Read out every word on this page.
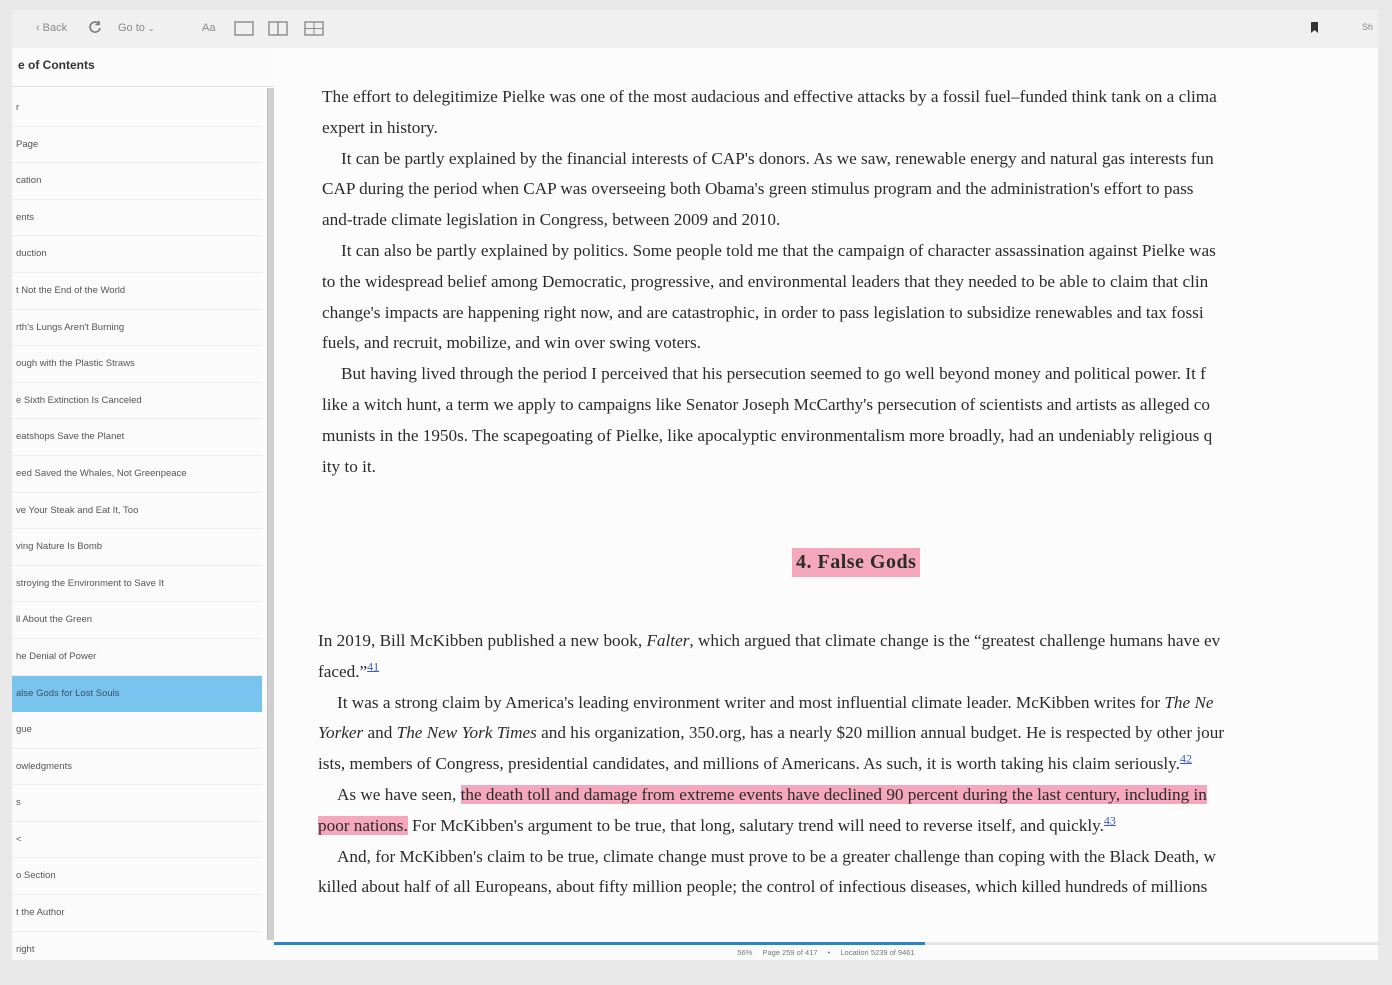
‹ Back	Go to ⌄	Aa	Sh
e of Contents
r
Page
cation
ents
duction
t Not the End of the World
rth's Lungs Aren't Burning
ough with the Plastic Straws
e Sixth Extinction Is Canceled
eatshops Save the Planet
eed Saved the Whales, Not Greenpeace
ve Your Steak and Eat It, Too
ving Nature Is Bomb
stroying the Environment to Save It
ll About the Green
he Denial of Power
alse Gods for Lost Souls
gue
owledgments
s
<
o Section
t the Author
right

The effort to delegitimize Pielke was one of the most audacious and effective attacks by a fossil fuel–funded think tank on a clima
expert in history.

It can be partly explained by the financial interests of CAP's donors. As we saw, renewable energy and natural gas interests fun
CAP during the period when CAP was overseeing both Obama's green stimulus program and the administration's effort to pass
and-trade climate legislation in Congress, between 2009 and 2010.

It can also be partly explained by politics. Some people told me that the campaign of character assassination against Pielke was
to the widespread belief among Democratic, progressive, and environmental leaders that they needed to be able to claim that clin
change's impacts are happening right now, and are catastrophic, in order to pass legislation to subsidize renewables and tax fossi
fuels, and recruit, mobilize, and win over swing voters.

But having lived through the period I perceived that his persecution seemed to go well beyond money and political power. It f
like a witch hunt, a term we apply to campaigns like Senator Joseph McCarthy's persecution of scientists and artists as alleged co
munists in the 1950s. The scapegoating of Pielke, like apocalyptic environmentalism more broadly, had an undeniably religious q
ity to it.

4. False Gods

In 2019, Bill McKibben published a new book, Falter, which argued that climate change is the “greatest challenge humans have ev
faced.”$^{41}$

It was a strong claim by America's leading environment writer and most influential climate leader. McKibben writes for The Ne
Yorker and The New York Times and his organization, 350.org, has a nearly $20 million annual budget. He is respected by other jour
ists, members of Congress, presidential candidates, and millions of Americans. As such, it is worth taking his claim seriously.$^{42}$

As we have seen, the death toll and damage from extreme events have declined 90 percent during the last century, including in
poor nations. For McKibben's argument to be true, that long, salutary trend will need to reverse itself, and quickly.$^{43}$

And, for McKibben's claim to be true, climate change must prove to be a greater challenge than coping with the Black Death, w
killed about half of all Europeans, about fifty million people; the control of infectious diseases, which killed hundreds of millions

56% Page 259 of 417 • Location 5239 of 9461
